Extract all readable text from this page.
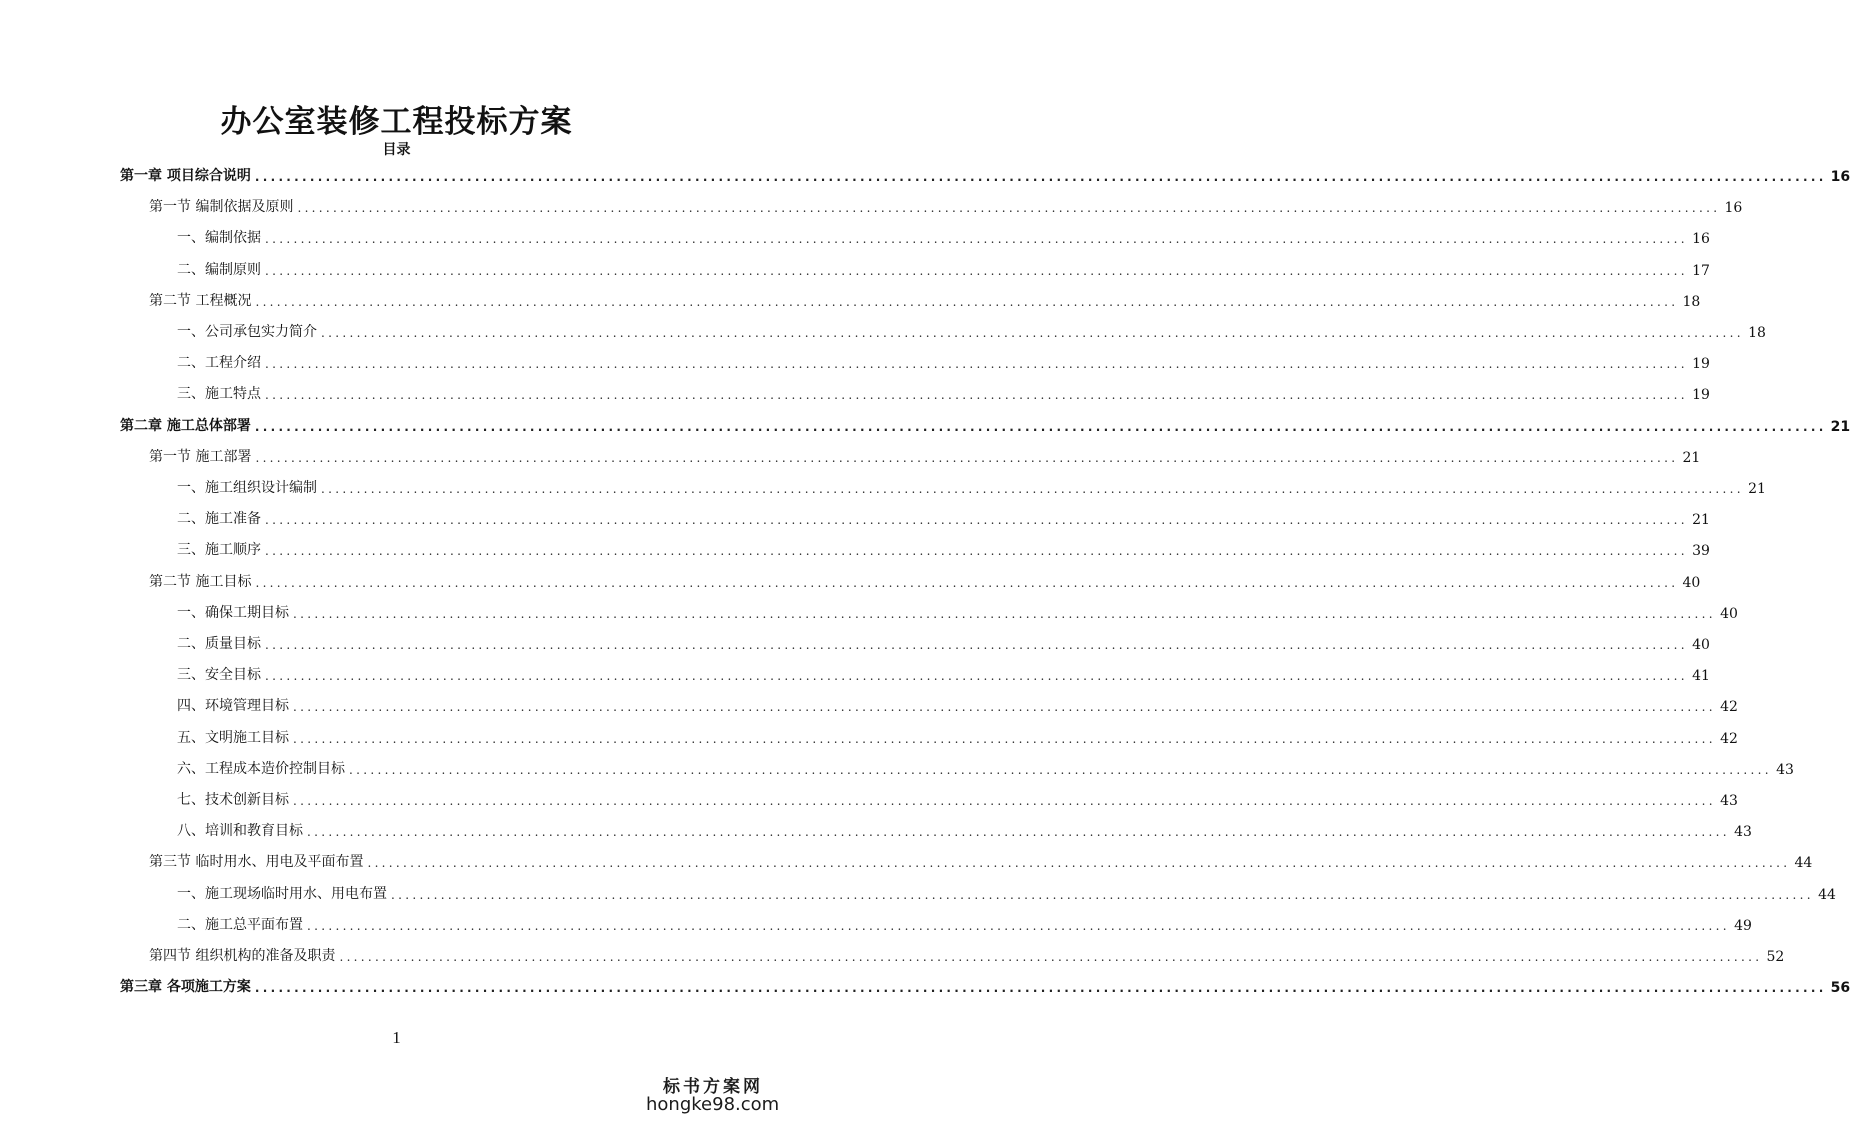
办公室装修工程投标方案
目录
第一章 项目综合说明 ........................................................................................................................................................................................................ 16
第一节 编制依据及原则 ........................................................................................................................................................................................................ 16
一、编制依据 ........................................................................................................................................................................................................ 16
二、编制原则 ........................................................................................................................................................................................................ 17
第二节 工程概况 ........................................................................................................................................................................................................ 18
一、公司承包实力简介 ........................................................................................................................................................................................................ 18
二、工程介绍 ........................................................................................................................................................................................................ 19
三、施工特点 ........................................................................................................................................................................................................ 19
第二章 施工总体部署 ........................................................................................................................................................................................................ 21
第一节 施工部署 ........................................................................................................................................................................................................ 21
一、施工组织设计编制 ........................................................................................................................................................................................................ 21
二、施工准备 ........................................................................................................................................................................................................ 21
三、施工顺序 ........................................................................................................................................................................................................ 39
第二节 施工目标 ........................................................................................................................................................................................................ 40
一、确保工期目标 ........................................................................................................................................................................................................ 40
二、质量目标 ........................................................................................................................................................................................................ 40
三、安全目标 ........................................................................................................................................................................................................ 41
四、环境管理目标 ........................................................................................................................................................................................................ 42
五、文明施工目标 ........................................................................................................................................................................................................ 42
六、工程成本造价控制目标 ........................................................................................................................................................................................................ 43
七、技术创新目标 ........................................................................................................................................................................................................ 43
八、培训和教育目标 ........................................................................................................................................................................................................ 43
第三节 临时用水、用电及平面布置 ........................................................................................................................................................................................................ 44
一、施工现场临时用水、用电布置 ........................................................................................................................................................................................................ 44
二、施工总平面布置 ........................................................................................................................................................................................................ 49
第四节 组织机构的准备及职责 ........................................................................................................................................................................................................ 52
第三章 各项施工方案 ........................................................................................................................................................................................................ 56
1
标书方案网
hongke98.com
